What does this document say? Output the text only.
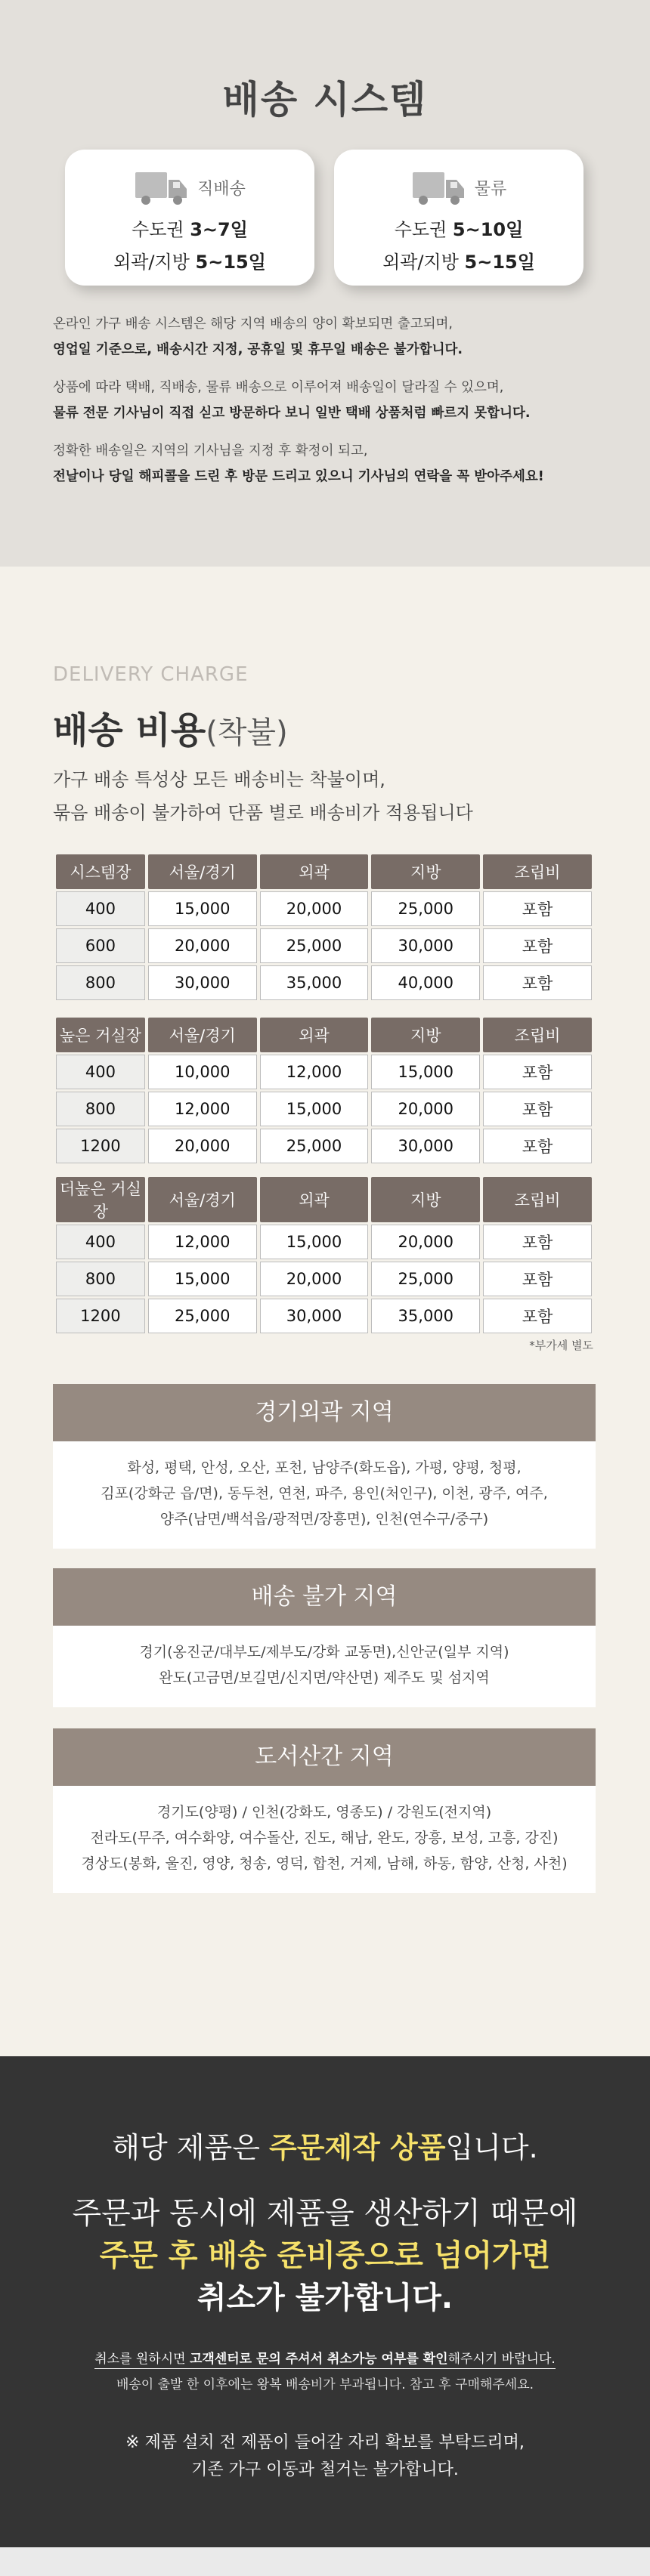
배송 시스템
직배송
수도권 3~7일
외곽/지방 5~15일
물류
수도권 5~10일
외곽/지방 5~15일
온라인 가구 배송 시스템은 해당 지역 배송의 양이 확보되면 출고되며,
영업일 기준으로, 배송시간 지정, 공휴일 및 휴무일 배송은 불가합니다.
상품에 따라 택배, 직배송, 물류 배송으로 이루어져 배송일이 달라질 수 있으며,
물류 전문 기사님이 직접 싣고 방문하다 보니 일반 택배 상품처럼 빠르지 못합니다.
정확한 배송일은 지역의 기사님을 지정 후 확정이 되고,
전날이나 당일 해피콜을 드린 후 방문 드리고 있으니 기사님의 연락을 꼭 받아주세요!
DELIVERY CHARGE
배송 비용(착불)
가구 배송 특성상 모든 배송비는 착불이며,
묶음 배송이 불가하여 단품 별로 배송비가 적용됩니다
시스템장	서울/경기	외곽	지방	조립비
400	15,000	20,000	25,000	포함
600	20,000	25,000	30,000	포함
800	30,000	35,000	40,000	포함
높은 거실장	서울/경기	외곽	지방	조립비
400	10,000	12,000	15,000	포함
800	12,000	15,000	20,000	포함
1200	20,000	25,000	30,000	포함
더높은 거실장	서울/경기	외곽	지방	조립비
400	12,000	15,000	20,000	포함
800	15,000	20,000	25,000	포함
1200	25,000	30,000	35,000	포함
*부가세 별도
경기외곽 지역
화성, 평택, 안성, 오산, 포천, 남양주(화도읍), 가평, 양평, 청평,
김포(강화군 읍/면), 동두천, 연천, 파주, 용인(처인구), 이천, 광주, 여주,
양주(남면/백석읍/광적면/장흥면), 인천(연수구/중구)
배송 불가 지역
경기(옹진군/대부도/제부도/강화 교동면),신안군(일부 지역)
완도(고금면/보길면/신지면/약산면) 제주도 및 섬지역
도서산간 지역
경기도(양평) / 인천(강화도, 영종도) / 강원도(전지역)
전라도(무주, 여수화양, 여수돌산, 진도, 해남, 완도, 장흥, 보성, 고흥, 강진)
경상도(봉화, 울진, 영양, 청송, 영덕, 합천, 거제, 남해, 하동, 함양, 산청, 사천)
해당 제품은 주문제작 상품입니다.
주문과 동시에 제품을 생산하기 때문에
주문 후 배송 준비중으로 넘어가면
취소가 불가합니다.
취소를 원하시면 고객센터로 문의 주셔서 취소가능 여부를 확인해주시기 바랍니다.
배송이 출발 한 이후에는 왕복 배송비가 부과됩니다. 참고 후 구매해주세요.
※ 제품 설치 전 제품이 들어갈 자리 확보를 부탁드리며,
기존 가구 이동과 철거는 불가합니다.
